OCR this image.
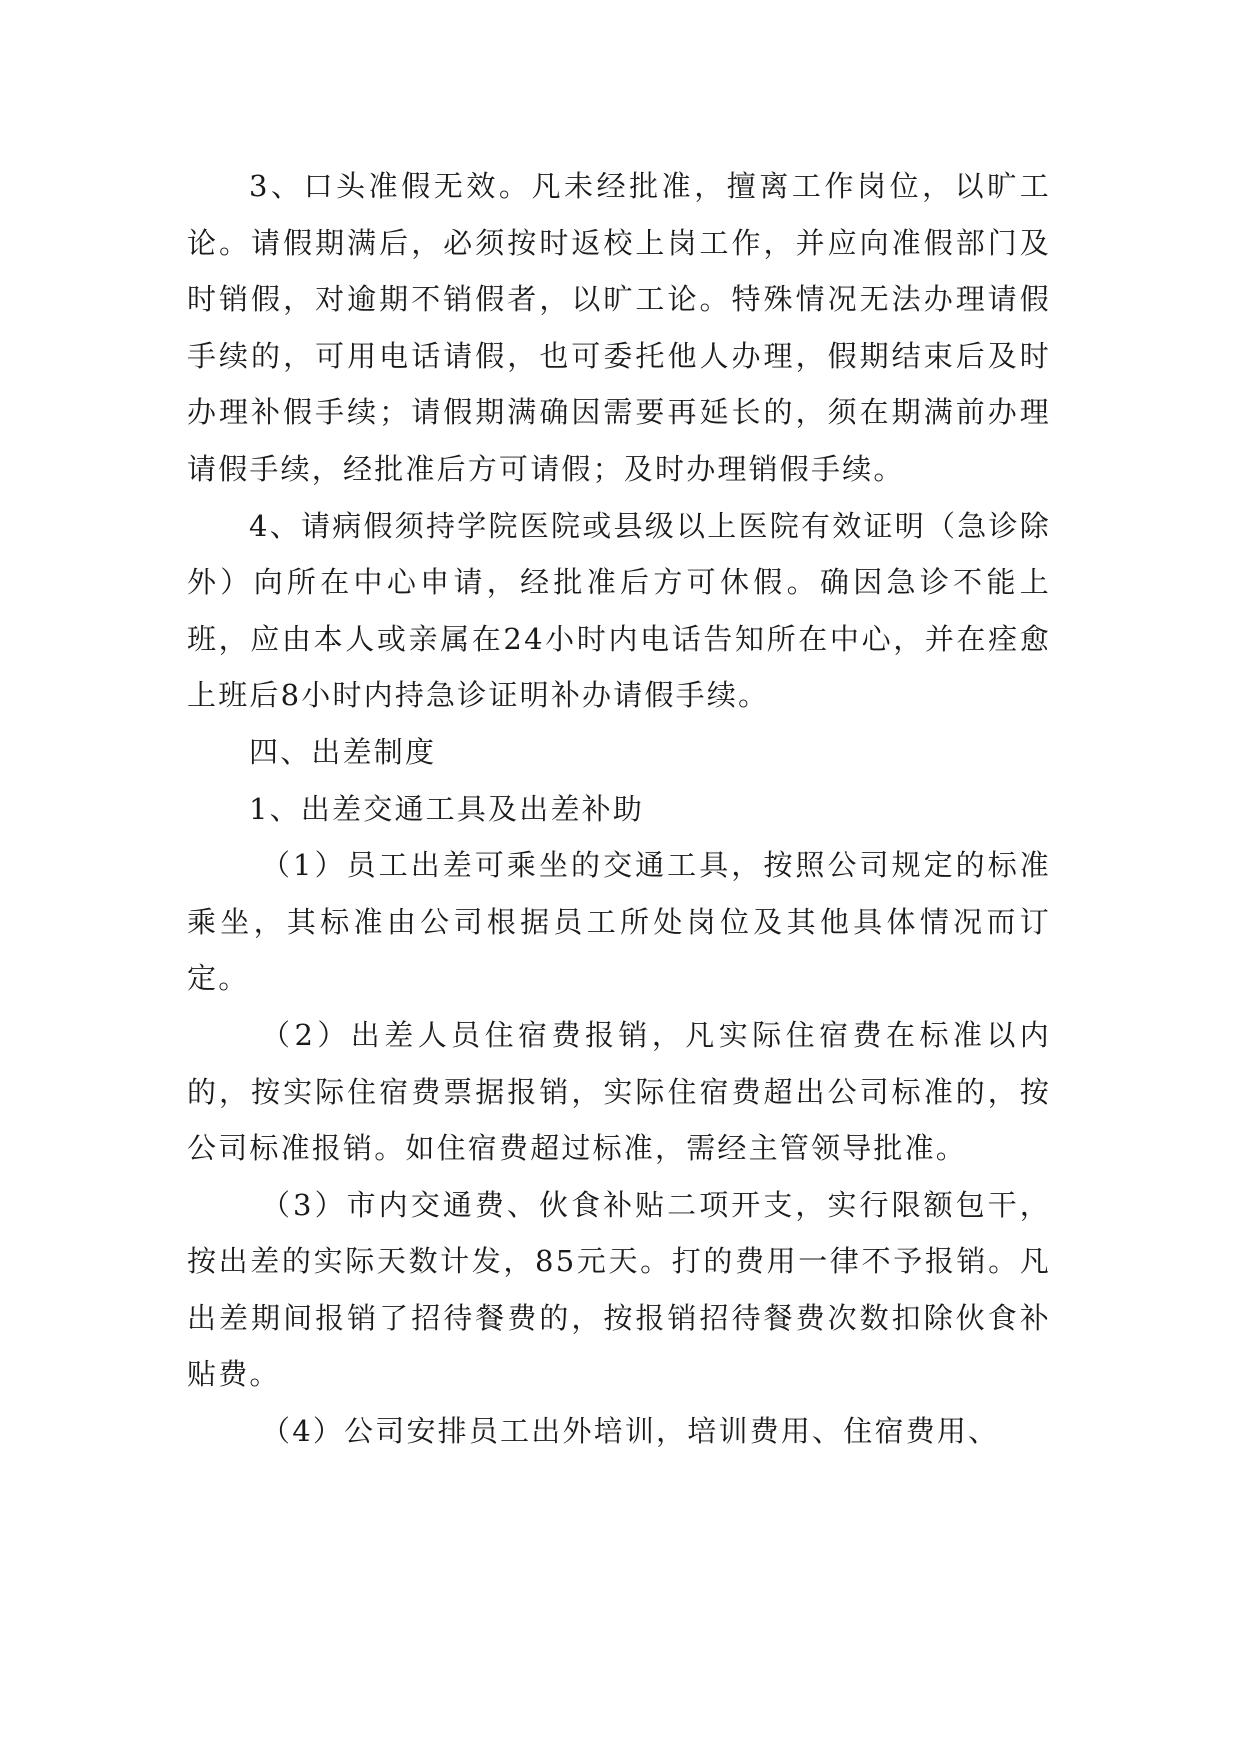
3、口头准假无效。凡未经批准，擅离工作岗位，以旷工论。请假期满后，必须按时返校上岗工作，并应向准假部门及时销假，对逾期不销假者，以旷工论。特殊情况无法办理请假手续的，可用电话请假，也可委托他人办理，假期结束后及时办理补假手续；请假期满确因需要再延长的，须在期满前办理请假手续，经批准后方可请假；及时办理销假手续。

4、请病假须持学院医院或县级以上医院有效证明（急诊除外）向所在中心申请，经批准后方可休假。确因急诊不能上班，应由本人或亲属在24小时内电话告知所在中心，并在痊愈上班后8小时内持急诊证明补办请假手续。

四、出差制度

1、出差交通工具及出差补助

（1）员工出差可乘坐的交通工具，按照公司规定的标准乘坐，其标准由公司根据员工所处岗位及其他具体情况而订定。

（2）出差人员住宿费报销，凡实际住宿费在标准以内的，按实际住宿费票据报销，实际住宿费超出公司标准的，按公司标准报销。如住宿费超过标准，需经主管领导批准。

（3）市内交通费、伙食补贴二项开支，实行限额包干，按出差的实际天数计发，85元天。打的费用一律不予报销。凡出差期间报销了招待餐费的，按报销招待餐费次数扣除伙食补贴费。

（4）公司安排员工出外培训，培训费用、住宿费用、
